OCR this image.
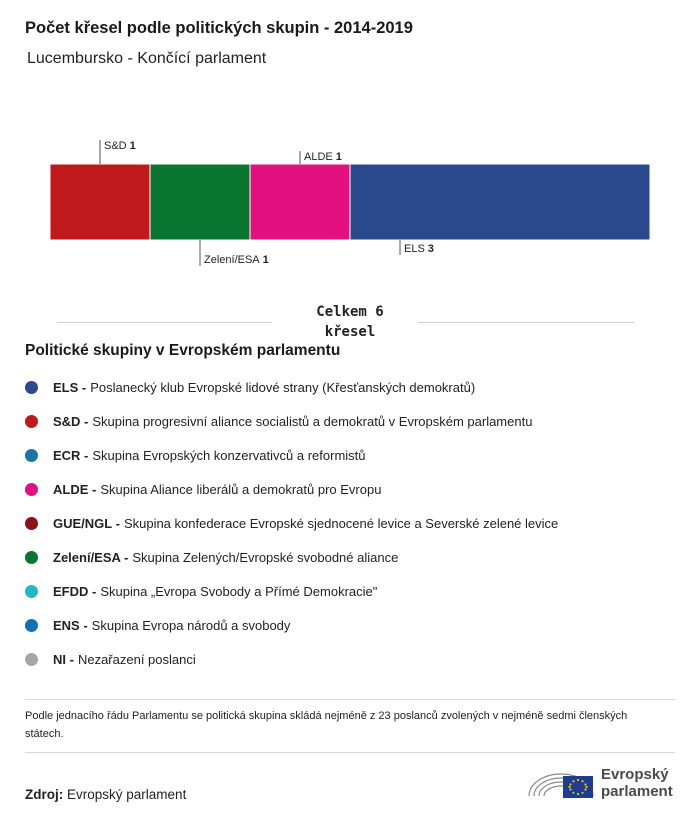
Počet křesel podle politických skupin - 2014-2019
Lucembursko - Končící parlament
S&D 1
Zelení/ESA 1
ALDE 1
ELS 3
Celkem 6
křesel
Politické skupiny v Evropském parlamentu
ELS - Poslanecký klub Evropské lidové strany (Křesťanských demokratů)
S&D - Skupina progresivní aliance socialistů a demokratů v Evropském parlamentu
ECR - Skupina Evropských konzervativců a reformistů
ALDE - Skupina Aliance liberálů a demokratů pro Evropu
GUE/NGL - Skupina konfederace Evropské sjednocené levice a Severské zelené levice
Zelení/ESA - Skupina Zelených/Evropské svobodné aliance
EFDD - Skupina „Evropa Svobody a Přímé Demokracie"
ENS - Skupina Evropa národů a svobody
NI - Nezařazení poslanci
Podle jednacího řádu Parlamentu se politická skupina skládá nejméně z 23 poslanců zvolených v nejméně sedmi členských státech.
Zdroj: Evropský parlament
Evropský
parlament
